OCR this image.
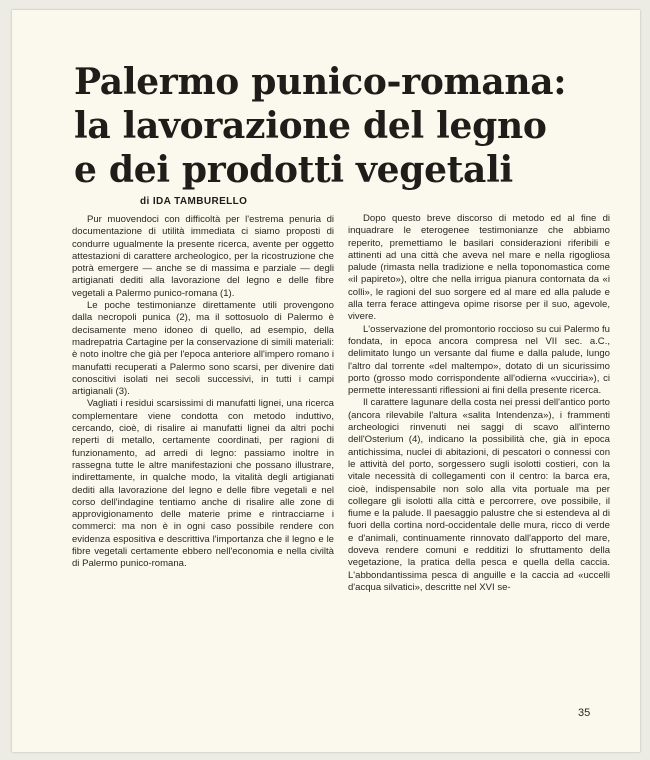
Palermo punico-romana:
la lavorazione del legno
e dei prodotti vegetali
di IDA TAMBURELLO

Pur muovendoci con difficoltà per l'estrema penuria di documentazione di utilità immediata ci siamo proposti di condurre ugualmente la presente ricerca, avente per oggetto attestazioni di carattere archeologico, per la ricostruzione che potrà emergere — anche se di massima e parziale — degli artigianati dediti alla lavorazione del legno e delle fibre vegetali a Palermo punico-romana (1).

Le poche testimonianze direttamente utili provengono dalla necropoli punica (2), ma il sottosuolo di Palermo è decisamente meno idoneo di quello, ad esempio, della madrepatria Cartagine per la conservazione di simili materiali: è noto inoltre che già per l'epoca anteriore all'impero romano i manufatti recuperati a Palermo sono scarsi, per divenire dati conoscitivi isolati nei secoli successivi, in tutti i campi artigianali (3).

Vagliati i residui scarsissimi di manufatti lignei, una ricerca complementare viene condotta con metodo induttivo, cercando, cioè, di risalire ai manufatti lignei da altri pochi reperti di metallo, certamente coordinati, per ragioni di funzionamento, ad arredi di legno: passiamo inoltre in rassegna tutte le altre manifestazioni che possano illustrare, indirettamente, in qualche modo, la vitalità degli artigianati dediti alla lavorazione del legno e delle fibre vegetali e nel corso dell'indagine tentiamo anche di risalire alle zone di approvigionamento delle materie prime e rintracciarne i commerci: ma non è in ogni caso possibile rendere con evidenza espositiva e descrittiva l'importanza che il legno e le fibre vegetali certamente ebbero nell'economia e nella civiltà di Palermo punico-romana.

Dopo questo breve discorso di metodo ed al fine di inquadrare le eterogenee testimonianze che abbiamo reperito, premettiamo le basilari considerazioni riferibili e attinenti ad una città che aveva nel mare e nella rigogliosa palude (rimasta nella tradizione e nella toponomastica come «il papireto»), oltre che nella irrigua pianura contornata da «i colli», le ragioni del suo sorgere ed al mare ed alla palude e alla terra ferace attingeva opime risorse per il suo, agevole, vivere.

L'osservazione del promontorio roccioso su cui Palermo fu fondata, in epoca ancora compresa nel VII sec. a.C., delimitato lungo un versante dal fiume e dalla palude, lungo l'altro dal torrente «del maltempo», dotato di un sicurissimo porto (grosso modo corrispondente all'odierna «vucciria»), ci permette interessanti riflessioni ai fini della presente ricerca.

Il carattere lagunare della costa nei pressi dell'antico porto (ancora rilevabile l'altura «salita Intendenza»), i frammenti archeologici rinvenuti nei saggi di scavo all'interno dell'Osterium (4), indicano la possibilità che, già in epoca antichissima, nuclei di abitazioni, di pescatori o connessi con le attività del porto, sorgessero sugli isolotti costieri, con la vitale necessità di collegamenti con il centro: la barca era, cioè, indispensabile non solo alla vita portuale ma per collegare gli isolotti alla città e percorrere, ove possibile, il fiume e la palude. Il paesaggio palustre che si estendeva al di fuori della cortina nord-occidentale delle mura, ricco di verde e d'animali, continuamente rinnovato dall'apporto del mare, doveva rendere comuni e redditizi lo sfruttamento della vegetazione, la pratica della pesca e quella della caccia. L'abbondantissima pesca di anguille e la caccia ad «uccelli d'acqua silvatici», descritte nel XVI se-

35
